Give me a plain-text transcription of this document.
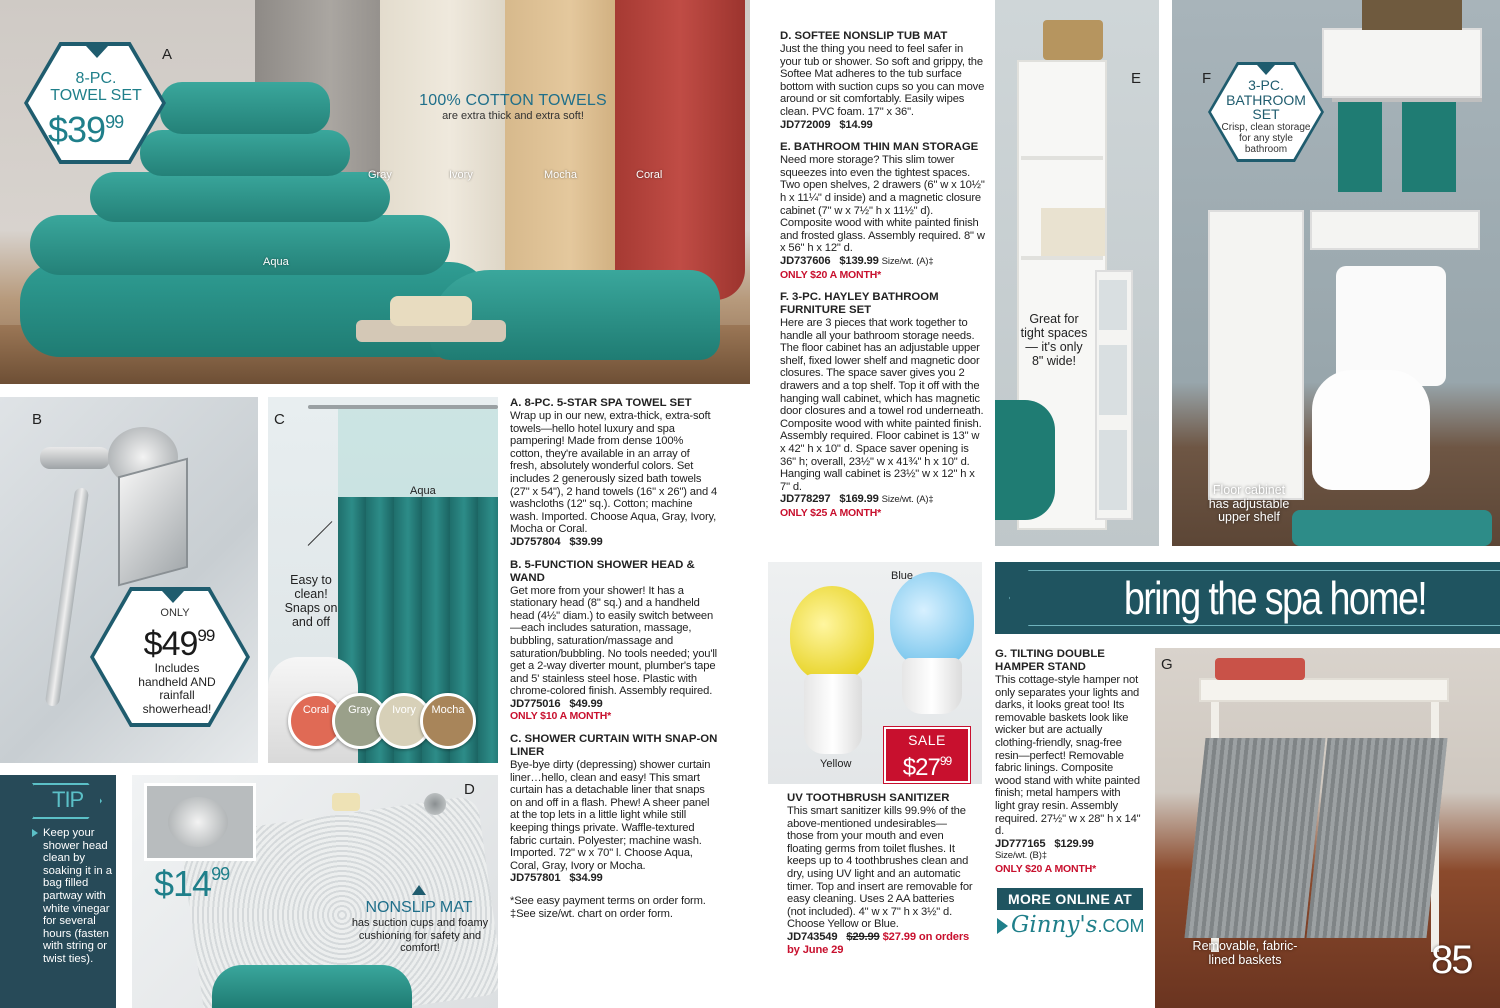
A
8-PC. TOWEL SET
$\$39^{99}$
100% COTTON TOWELS
are extra thick and extra soft!
Gray	Ivory	Mocha	Coral
Aqua
B
ONLY
$\$49^{99}$
Includes handheld AND rainfall showerhead!
C
Aqua
Easy to clean! Snaps on and off
Coral Gray Ivory Mocha
TIP
Keep your shower head clean by soaking it in a bag filled partway with white vinegar for several hours (fasten with string or twist ties).
D
$\$14^{99}$
NONSLIP MAT
has suction cups and foamy cushioning for safety and comfort!
A. 8-PC. 5-STAR SPA TOWEL SET

Wrap up in our new, extra-thick, extra-soft towels—hello hotel luxury and spa pampering! Made from dense 100% cotton, they're available in an array of fresh, absolutely wonderful colors. Set includes 2 generously sized bath towels (27" x 54"), 2 hand towels (16" x 26") and 4 washcloths (12" sq.). Cotton; machine wash. Imported. Choose Aqua, Gray, Ivory, Mocha or Coral.

JD757804 $39.99

B. 5-FUNCTION SHOWER HEAD & WAND

Get more from your shower! It has a stationary head (8" sq.) and a handheld head (4½" diam.) to easily switch between—each includes saturation, massage, bubbling, saturation/massage and saturation/bubbling. No tools needed; you'll get a 2-way diverter mount, plumber's tape and 5' stainless steel hose. Plastic with chrome-colored finish. Assembly required.

JD775016 $49.99

ONLY $10 A MONTH*
C. SHOWER CURTAIN WITH SNAP-ON LINER

Bye-bye dirty (depressing) shower curtain liner…hello, clean and easy! This smart curtain has a detachable liner that snaps on and off in a flash. Phew! A sheer panel at the top lets in a little light while still keeping things private. Waffle-textured fabric curtain. Polyester; machine wash. Imported. 72" w x 70" l. Choose Aqua, Coral, Gray, Ivory or Mocha.

JD757801 $34.99

*See easy payment terms on order form.

‡See size/wt. chart on order form.

D. SOFTEE NONSLIP TUB MAT

Just the thing you need to feel safer in your tub or shower. So soft and grippy, the Softee Mat adheres to the tub surface bottom with suction cups so you can move around or sit comfortably. Easily wipes clean. PVC foam. 17" x 36".

JD772009 $14.99

E. BATHROOM THIN MAN STORAGE

Need more storage? This slim tower squeezes into even the tightest spaces. Two open shelves, 2 drawers (6" w x 10½" h x 11¼" d inside) and a magnetic closure cabinet (7" w x 7½" h x 11½" d). Composite wood with white painted finish and frosted glass. Assembly required. 8" w x 56" h x 12" d.

JD737606 $139.99 Size/wt. (A)‡

ONLY $20 A MONTH*
F. 3-PC. HAYLEY BATHROOM FURNITURE SET

Here are 3 pieces that work together to handle all your bathroom storage needs. The floor cabinet has an adjustable upper shelf, fixed lower shelf and magnetic door closures. The space saver gives you 2 drawers and a top shelf. Top it off with the hanging wall cabinet, which has magnetic door closures and a towel rod underneath. Composite wood with white painted finish. Assembly required. Floor cabinet is 13" w x 42" h x 10" d. Space saver opening is 36" h; overall, 23½" w x 41¾" h x 10" d. Hanging wall cabinet is 23½" w x 12" h x 7" d.

JD778297 $169.99 Size/wt. (A)‡

ONLY $25 A MONTH*
E
Great for tight spaces— it's only 8" wide!
F	3-PC. BATHROOM SET
Crisp, clean storage for any style bathroom
Floor cabinet has adjustable upper shelf
Blue
Yellow
SALE
$\$27^{99}$
UV TOOTHBRUSH SANITIZER

This smart sanitizer kills 99.9% of the above-mentioned undesirables—those from your mouth and even floating germs from toilet flushes. It keeps up to 4 toothbrushes clean and dry, using UV light and an automatic timer. Top and insert are removable for easy cleaning. Uses 2 AA batteries (not included). 4" w x 7" h x 3½" d. Choose Yellow or Blue.

JD743549 $29.99 $27.99 on orders by June 29

bring the spa home!
G. TILTING DOUBLE HAMPER STAND

This cottage-style hamper not only separates your lights and darks, it looks great too! Its removable baskets look like wicker but are actually clothing-friendly, snag-free resin—perfect! Removable fabric linings. Composite wood stand with white painted finish; metal hampers with light gray resin. Assembly required. 27½" w x 28" h x 14" d.

JD777165 $129.99

Size/wt. (B)‡

ONLY $20 A MONTH*
MORE ONLINE AT
Ginny's.COM
G
Removable, fabric-lined baskets	85
